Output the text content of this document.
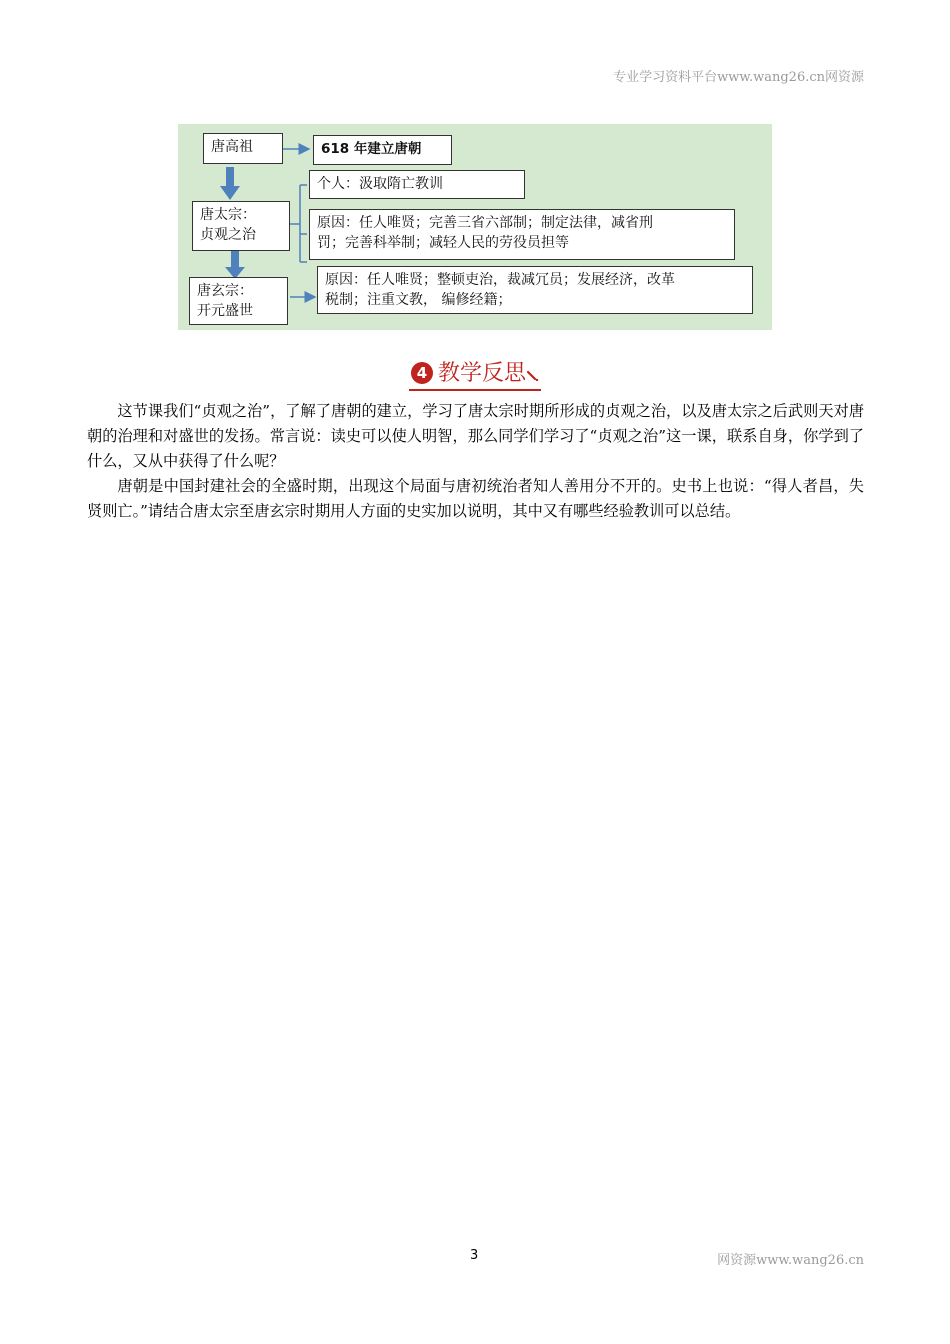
专业学习资料平台www.wang26.cn网资源
唐高祖	618 年建立唐朝
唐太宗：
贞观之治
个人：汲取隋亡教训
原因：任人唯贤；完善三省六部制；制定法律，减省刑
罚；完善科举制；减轻人民的劳役员担等
唐玄宗：
开元盛世
原因：任人唯贤；整顿吏治，裁减冗员；发展经济，改革
税制；注重文教， 编修经籍；
4 教学反思

这节课我们“贞观之治”，了解了唐朝的建立，学习了唐太宗时期所形成的贞观之治，以及唐太宗之后武则天对唐朝的治理和对盛世的发扬。常言说：读史可以使人明智，那么同学们学习了“贞观之治”这一课，联系自身，你学到了什么，又从中获得了什么呢？

唐朝是中国封建社会的全盛时期，出现这个局面与唐初统治者知人善用分不开的。史书上也说：“得人者昌，失贤则亡。”请结合唐太宗至唐玄宗时期用人方面的史实加以说明，其中又有哪些经验教训可以总结。

3	网资源www.wang26.cn
